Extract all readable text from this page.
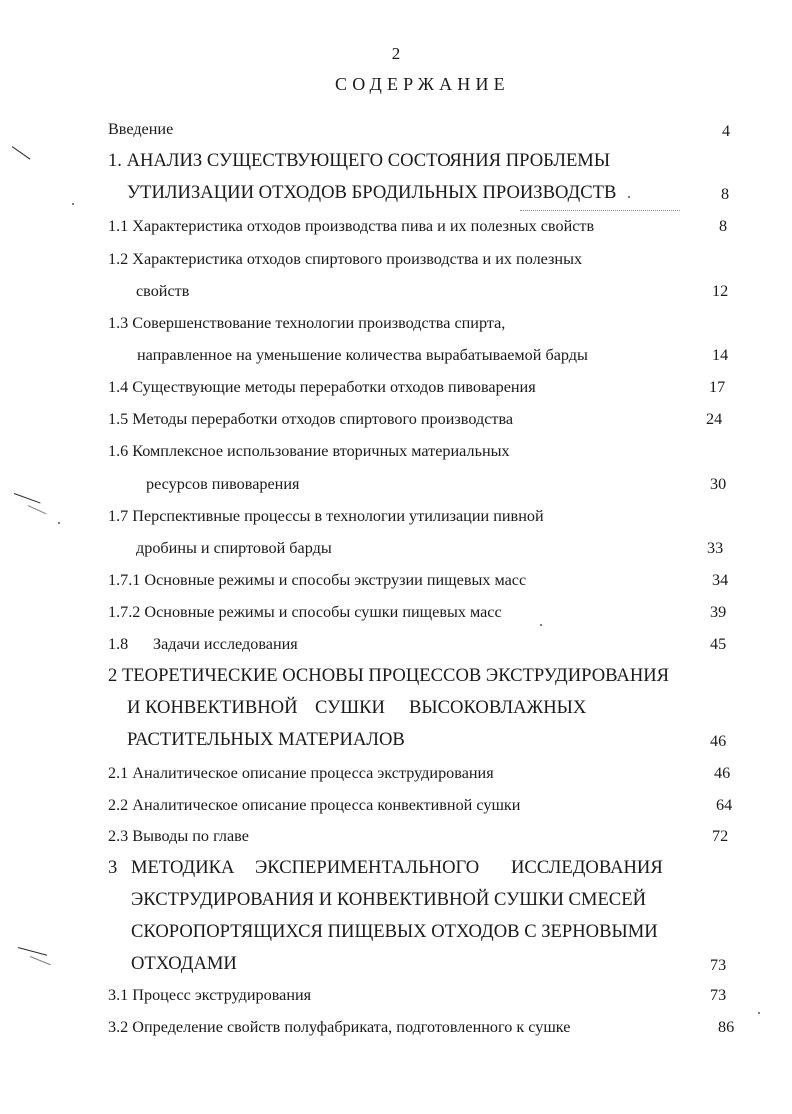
2
СОДЕРЖАНИЕ
Введение	4
1. АНАЛИЗ СУЩЕСТВУЮЩЕГО СОСТОЯНИЯ ПРОБЛЕМЫ
УТИЛИЗАЦИИ ОТХОДОВ БРОДИЛЬНЫХ ПРОИЗВОДСТВ	8
1.1 Характеристика отходов производства пива и их полезных свойств	8
1.2 Характеристика отходов спиртового производства и их полезных
свойств	12
1.3 Совершенствование технологии производства спирта,
направленное на уменьшение количества вырабатываемой барды	14
1.4 Существующие методы переработки отходов пивоварения	17
1.5 Методы переработки отходов спиртового производства	24
1.6 Комплексное использование вторичных материальных
ресурсов пивоварения	30
1.7 Перспективные процессы в технологии утилизации пивной
дробины и спиртовой барды	33
1.7.1 Основные режимы и способы экструзии пищевых масс	34
1.7.2 Основные режимы и способы сушки пищевых масс	39
1.8 Задачи исследования	45
2 ТЕОРЕТИЧЕСКИЕ ОСНОВЫ ПРОЦЕССОВ ЭКСТРУДИРОВАНИЯ
И КОНВЕКТИВНОЙ СУШКИ ВЫСОКОВЛАЖНЫХ
РАСТИТЕЛЬНЫХ МАТЕРИАЛОВ	46
2.1 Аналитическое описание процесса экструдирования	46
2.2 Аналитическое описание процесса конвективной сушки	64
2.3 Выводы по главе	72
3 МЕТОДИКА ЭКСПЕРИМЕНТАЛЬНОГО ИССЛЕДОВАНИЯ
ЭКСТРУДИРОВАНИЯ И КОНВЕКТИВНОЙ СУШКИ СМЕСЕЙ
СКОРОПОРТЯЩИХСЯ ПИЩЕВЫХ ОТХОДОВ С ЗЕРНОВЫМИ
ОТХОДАМИ	73
3.1 Процесс экструдирования	73
3.2 Определение свойств полуфабриката, подготовленного к сушке	86
